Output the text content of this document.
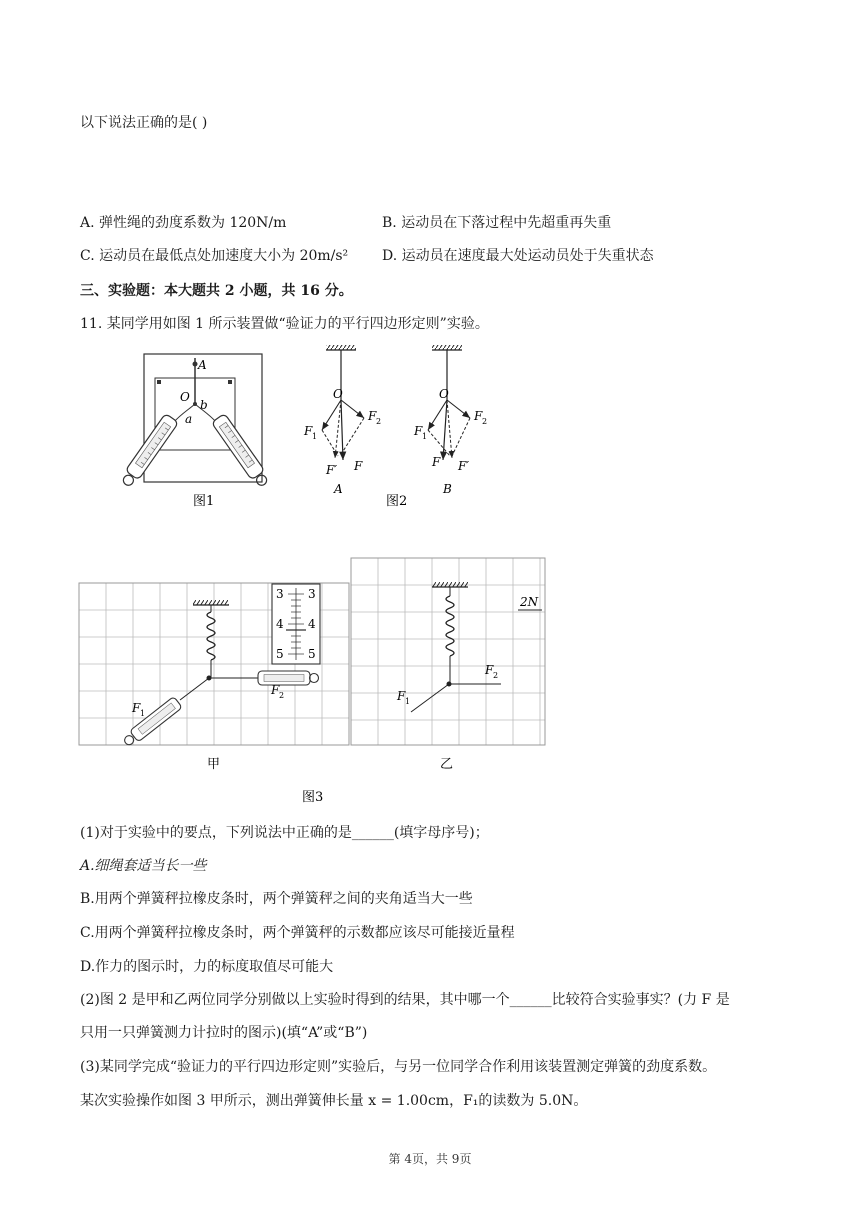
以下说法正确的是( )
A. 弹性绳的劲度系数为 120N/m	B. 运动员在下落过程中先超重再失重
C. 运动员在最低点处加速度大小为 20m/s² D. 运动员在速度最大处运动员处于失重状态
三、实验题：本大题共 2 小题，共 16 分。
11. 某同学用如图 1 所示装置做“验证力的平行四边形定则”实验。
A
O
b
a
图1
O
F 1
F 2
F′ F
A
图2
O
F 1
F 2
F F′
B
3
4
5
3
4
5
F 1
F 2
甲
2N
F 1
F 2
乙
图3
(1)对于实验中的要点，下列说法中正确的是______(填字母序号)；
A.细绳套适当长一些
B.用两个弹簧秤拉橡皮条时，两个弹簧秤之间的夹角适当大一些
C.用两个弹簧秤拉橡皮条时，两个弹簧秤的示数都应该尽可能接近量程
D.作力的图示时，力的标度取值尽可能大
(2)图 2 是甲和乙两位同学分别做以上实验时得到的结果，其中哪一个______比较符合实验事实？(力 F 是
只用一只弹簧测力计拉时的图示)(填“A”或“B”)
(3)某同学完成“验证力的平行四边形定则”实验后，与另一位同学合作利用该装置测定弹簧的劲度系数。
某次实验操作如图 3 甲所示，测出弹簧伸长量 x = 1.00cm，F₁的读数为 5.0N。
第 4页，共 9页
